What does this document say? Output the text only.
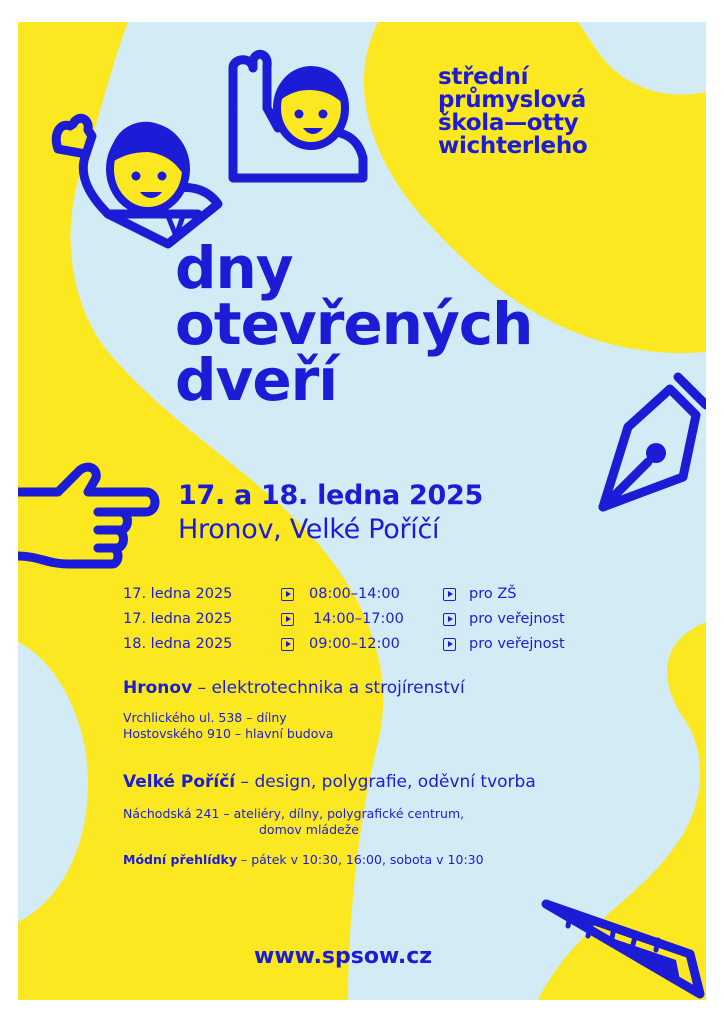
střední
průmyslová
škola—otty
wichterleho
dny
otevřených
dveří
17. a 18. ledna 2025
Hronov, Velké Poříčí
17. ledna 2025	08:00–14:00	pro ZŠ
17. ledna 2025	14:00–17:00	pro veřejnost
18. ledna 2025	09:00–12:00	pro veřejnost
Hronov – elektrotechnika a strojírenství
Vrchlického ul. 538 – dílny
Hostovského 910 – hlavní budova
Velké Poříčí – design, polygrafie, oděvní tvorba
Náchodská 241 – ateliéry, dílny, polygrafické centrum,
domov mládeže
Módní přehlídky – pátek v 10:30, 16:00, sobota v 10:30
www.spsow.cz
